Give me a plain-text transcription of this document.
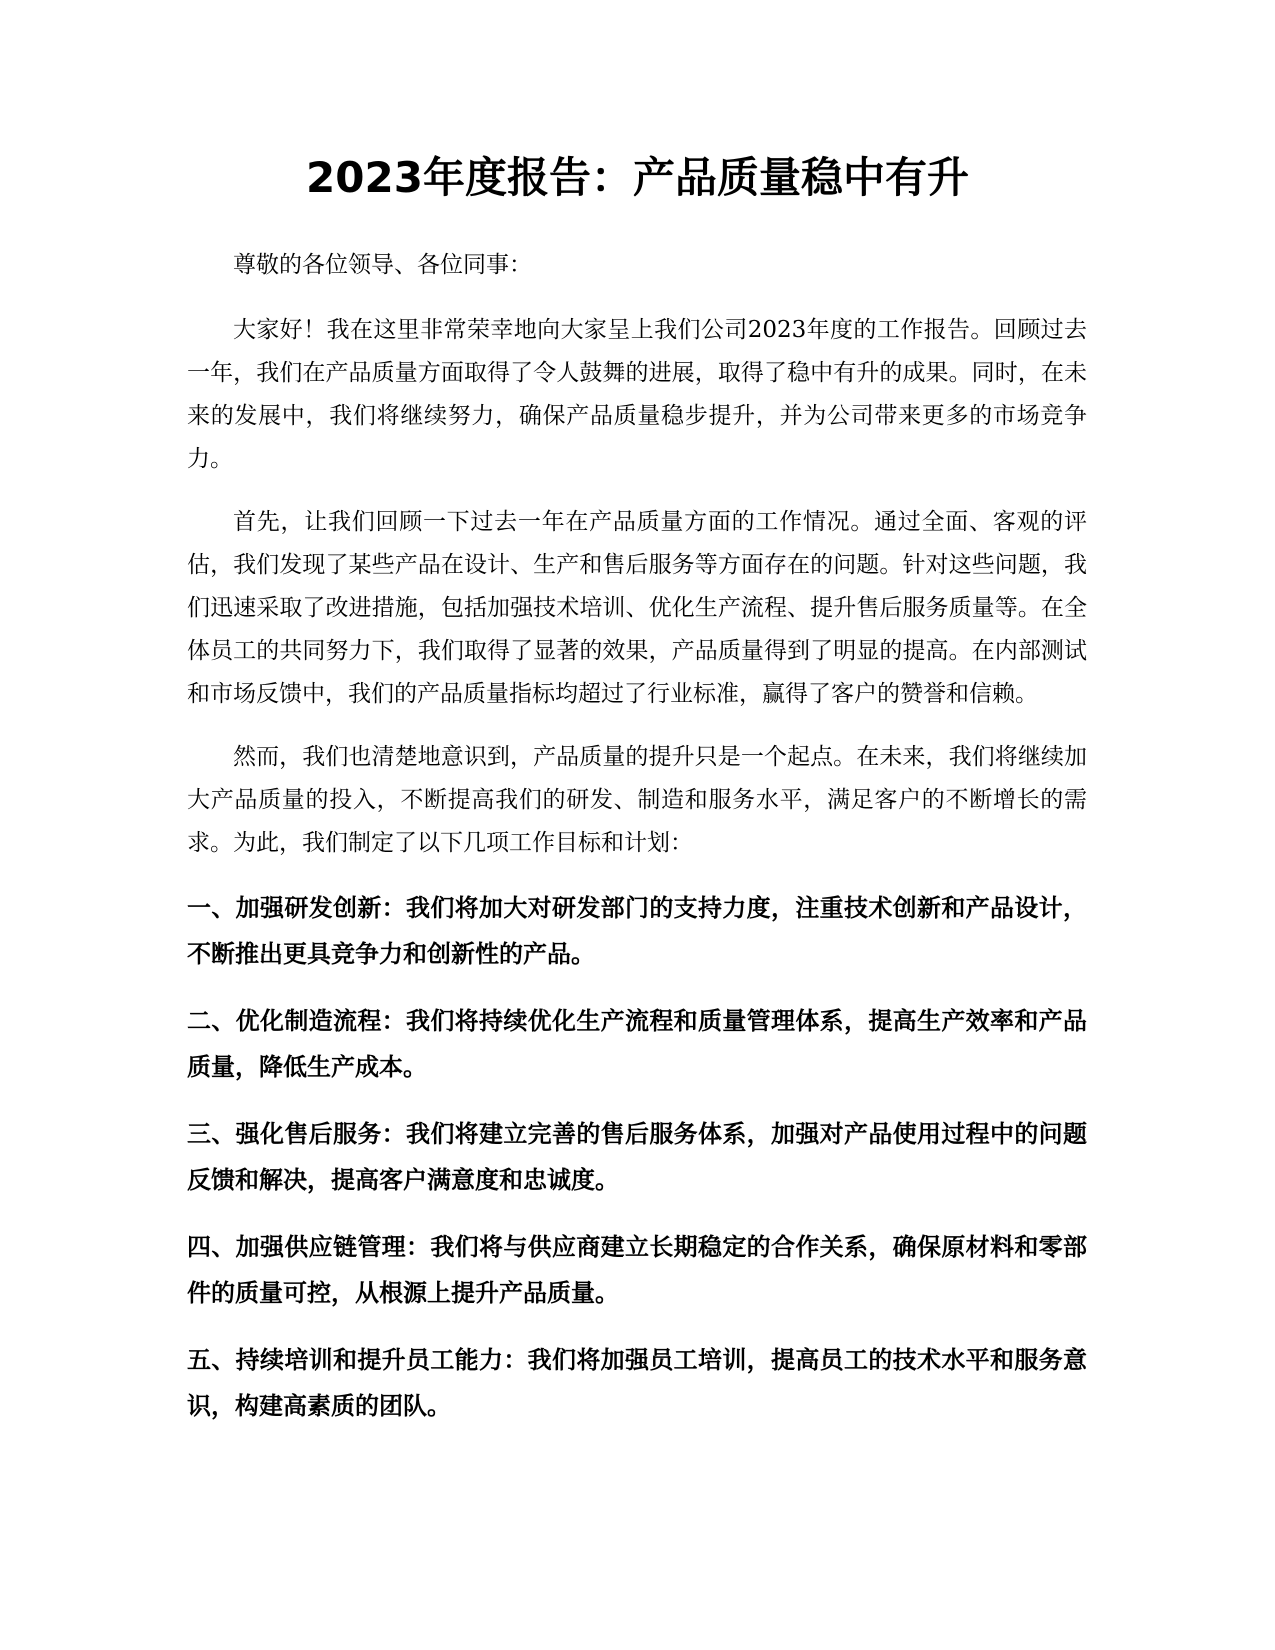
2023年度报告：产品质量稳中有升

尊敬的各位领导、各位同事：

大家好！我在这里非常荣幸地向大家呈上我们公司2023年度的工作报告。回顾过去一年，我们在产品质量方面取得了令人鼓舞的进展，取得了稳中有升的成果。同时，在未来的发展中，我们将继续努力，确保产品质量稳步提升，并为公司带来更多的市场竞争力。

首先，让我们回顾一下过去一年在产品质量方面的工作情况。通过全面、客观的评估，我们发现了某些产品在设计、生产和售后服务等方面存在的问题。针对这些问题，我们迅速采取了改进措施，包括加强技术培训、优化生产流程、提升售后服务质量等。在全体员工的共同努力下，我们取得了显著的效果，产品质量得到了明显的提高。在内部测试和市场反馈中，我们的产品质量指标均超过了行业标准，赢得了客户的赞誉和信赖。

然而，我们也清楚地意识到，产品质量的提升只是一个起点。在未来，我们将继续加大产品质量的投入，不断提高我们的研发、制造和服务水平，满足客户的不断增长的需求。为此，我们制定了以下几项工作目标和计划：

一、加强研发创新：我们将加大对研发部门的支持力度，注重技术创新和产品设计，不断推出更具竞争力和创新性的产品。

二、优化制造流程：我们将持续优化生产流程和质量管理体系，提高生产效率和产品质量，降低生产成本。

三、强化售后服务：我们将建立完善的售后服务体系，加强对产品使用过程中的问题反馈和解决，提高客户满意度和忠诚度。

四、加强供应链管理：我们将与供应商建立长期稳定的合作关系，确保原材料和零部件的质量可控，从根源上提升产品质量。

五、持续培训和提升员工能力：我们将加强员工培训，提高员工的技术水平和服务意识，构建高素质的团队。
